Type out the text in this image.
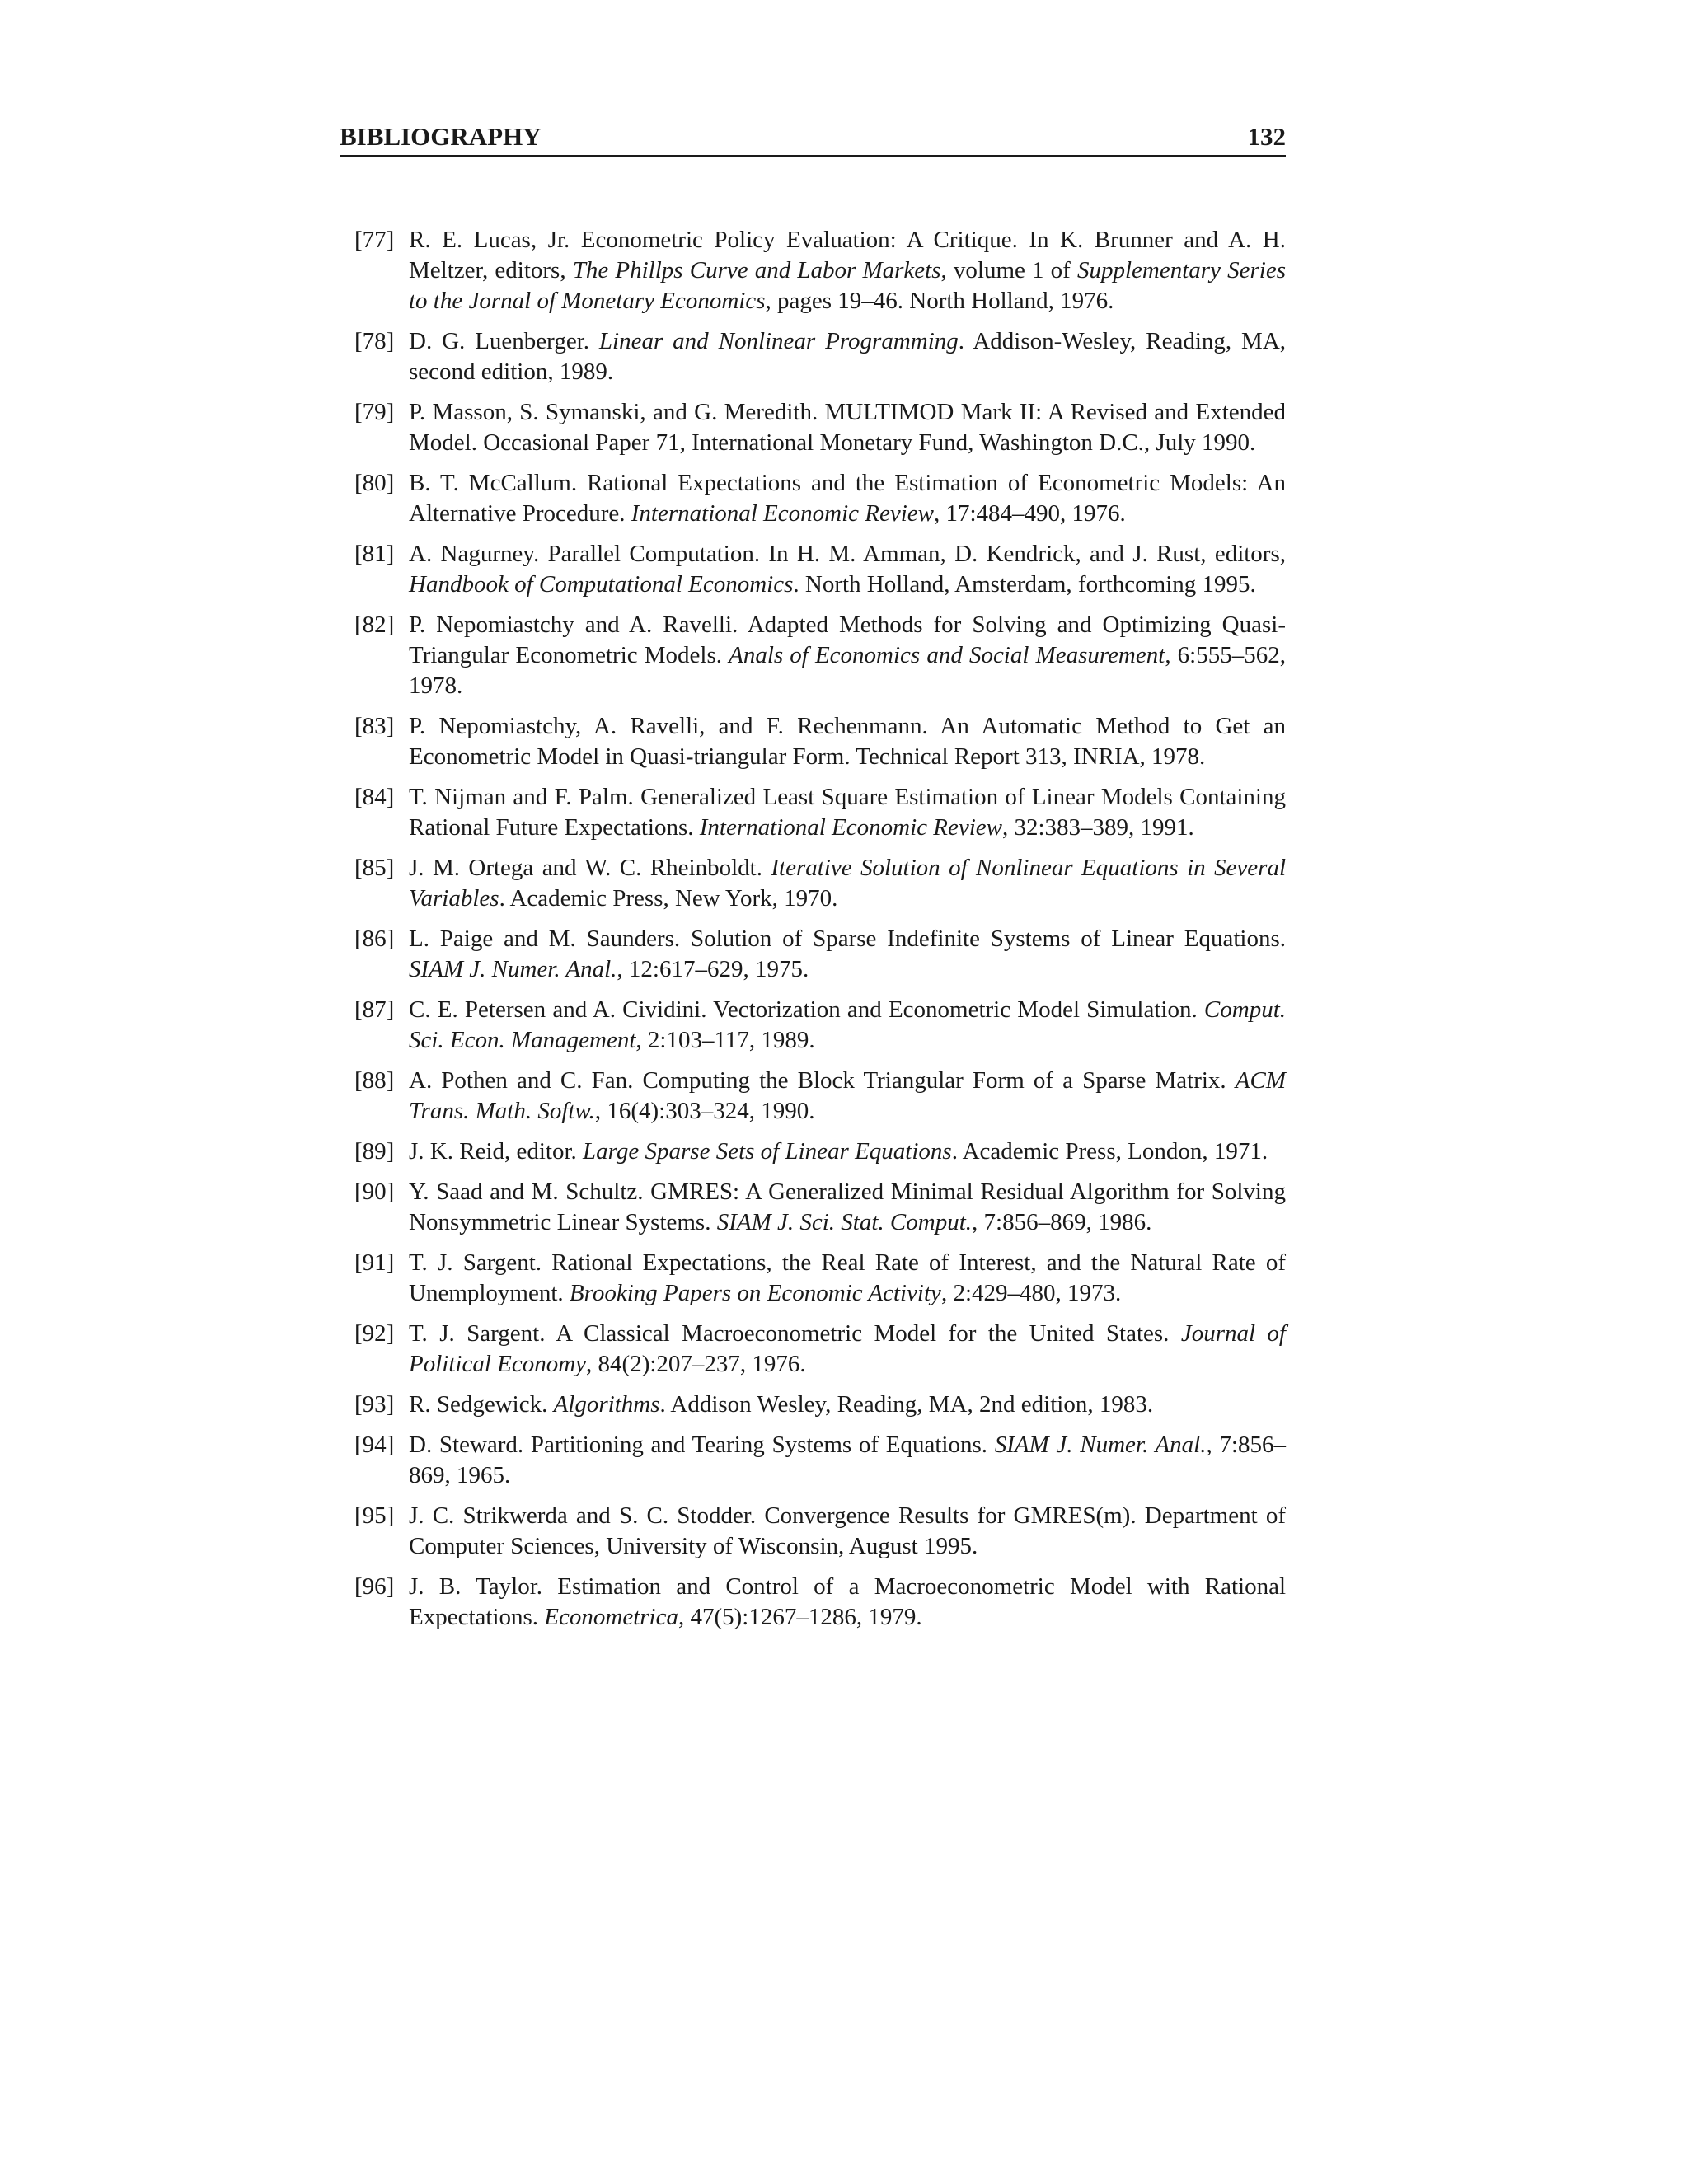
BIBLIOGRAPHY	132
[77] R. E. Lucas, Jr. Econometric Policy Evaluation: A Critique. In K. Brunner and A. H. Meltzer, editors, The Phillps Curve and Labor Markets, volume 1 of Supplementary Series to the Jornal of Monetary Economics, pages 19–46. North Holland, 1976.
[78] D. G. Luenberger. Linear and Nonlinear Programming. Addison-Wesley, Reading, MA, second edition, 1989.
[79] P. Masson, S. Symanski, and G. Meredith. MULTIMOD Mark II: A Revised and Extended Model. Occasional Paper 71, International Monetary Fund, Washington D.C., July 1990.
[80] B. T. McCallum. Rational Expectations and the Estimation of Econometric Models: An Alternative Procedure. International Economic Review, 17:484–490, 1976.
[81] A. Nagurney. Parallel Computation. In H. M. Amman, D. Kendrick, and J. Rust, editors, Handbook of Computational Economics. North Holland, Amsterdam, forthcoming 1995.
[82] P. Nepomiastchy and A. Ravelli. Adapted Methods for Solving and Optimizing Quasi-Triangular Econometric Models. Anals of Economics and Social Measurement, 6:555–562, 1978.
[83] P. Nepomiastchy, A. Ravelli, and F. Rechenmann. An Automatic Method to Get an Econometric Model in Quasi-triangular Form. Technical Report 313, INRIA, 1978.
[84] T. Nijman and F. Palm. Generalized Least Square Estimation of Linear Models Containing Rational Future Expectations. International Economic Review, 32:383–389, 1991.
[85] J. M. Ortega and W. C. Rheinboldt. Iterative Solution of Nonlinear Equations in Several Variables. Academic Press, New York, 1970.
[86] L. Paige and M. Saunders. Solution of Sparse Indefinite Systems of Linear Equations. SIAM J. Numer. Anal., 12:617–629, 1975.
[87] C. E. Petersen and A. Cividini. Vectorization and Econometric Model Simulation. Comput. Sci. Econ. Management, 2:103–117, 1989.
[88] A. Pothen and C. Fan. Computing the Block Triangular Form of a Sparse Matrix. ACM Trans. Math. Softw., 16(4):303–324, 1990.
[89] J. K. Reid, editor. Large Sparse Sets of Linear Equations. Academic Press, London, 1971.
[90] Y. Saad and M. Schultz. GMRES: A Generalized Minimal Residual Algorithm for Solving Nonsymmetric Linear Systems. SIAM J. Sci. Stat. Comput., 7:856–869, 1986.
[91] T. J. Sargent. Rational Expectations, the Real Rate of Interest, and the Natural Rate of Unemployment. Brooking Papers on Economic Activity, 2:429–480, 1973.
[92] T. J. Sargent. A Classical Macroeconometric Model for the United States. Journal of Political Economy, 84(2):207–237, 1976.
[93] R. Sedgewick. Algorithms. Addison Wesley, Reading, MA, 2nd edition, 1983.
[94] D. Steward. Partitioning and Tearing Systems of Equations. SIAM J. Numer. Anal., 7:856–869, 1965.
[95] J. C. Strikwerda and S. C. Stodder. Convergence Results for GMRES(m). Department of Computer Sciences, University of Wisconsin, August 1995.
[96] J. B. Taylor. Estimation and Control of a Macroeconometric Model with Rational Expectations. Econometrica, 47(5):1267–1286, 1979.
